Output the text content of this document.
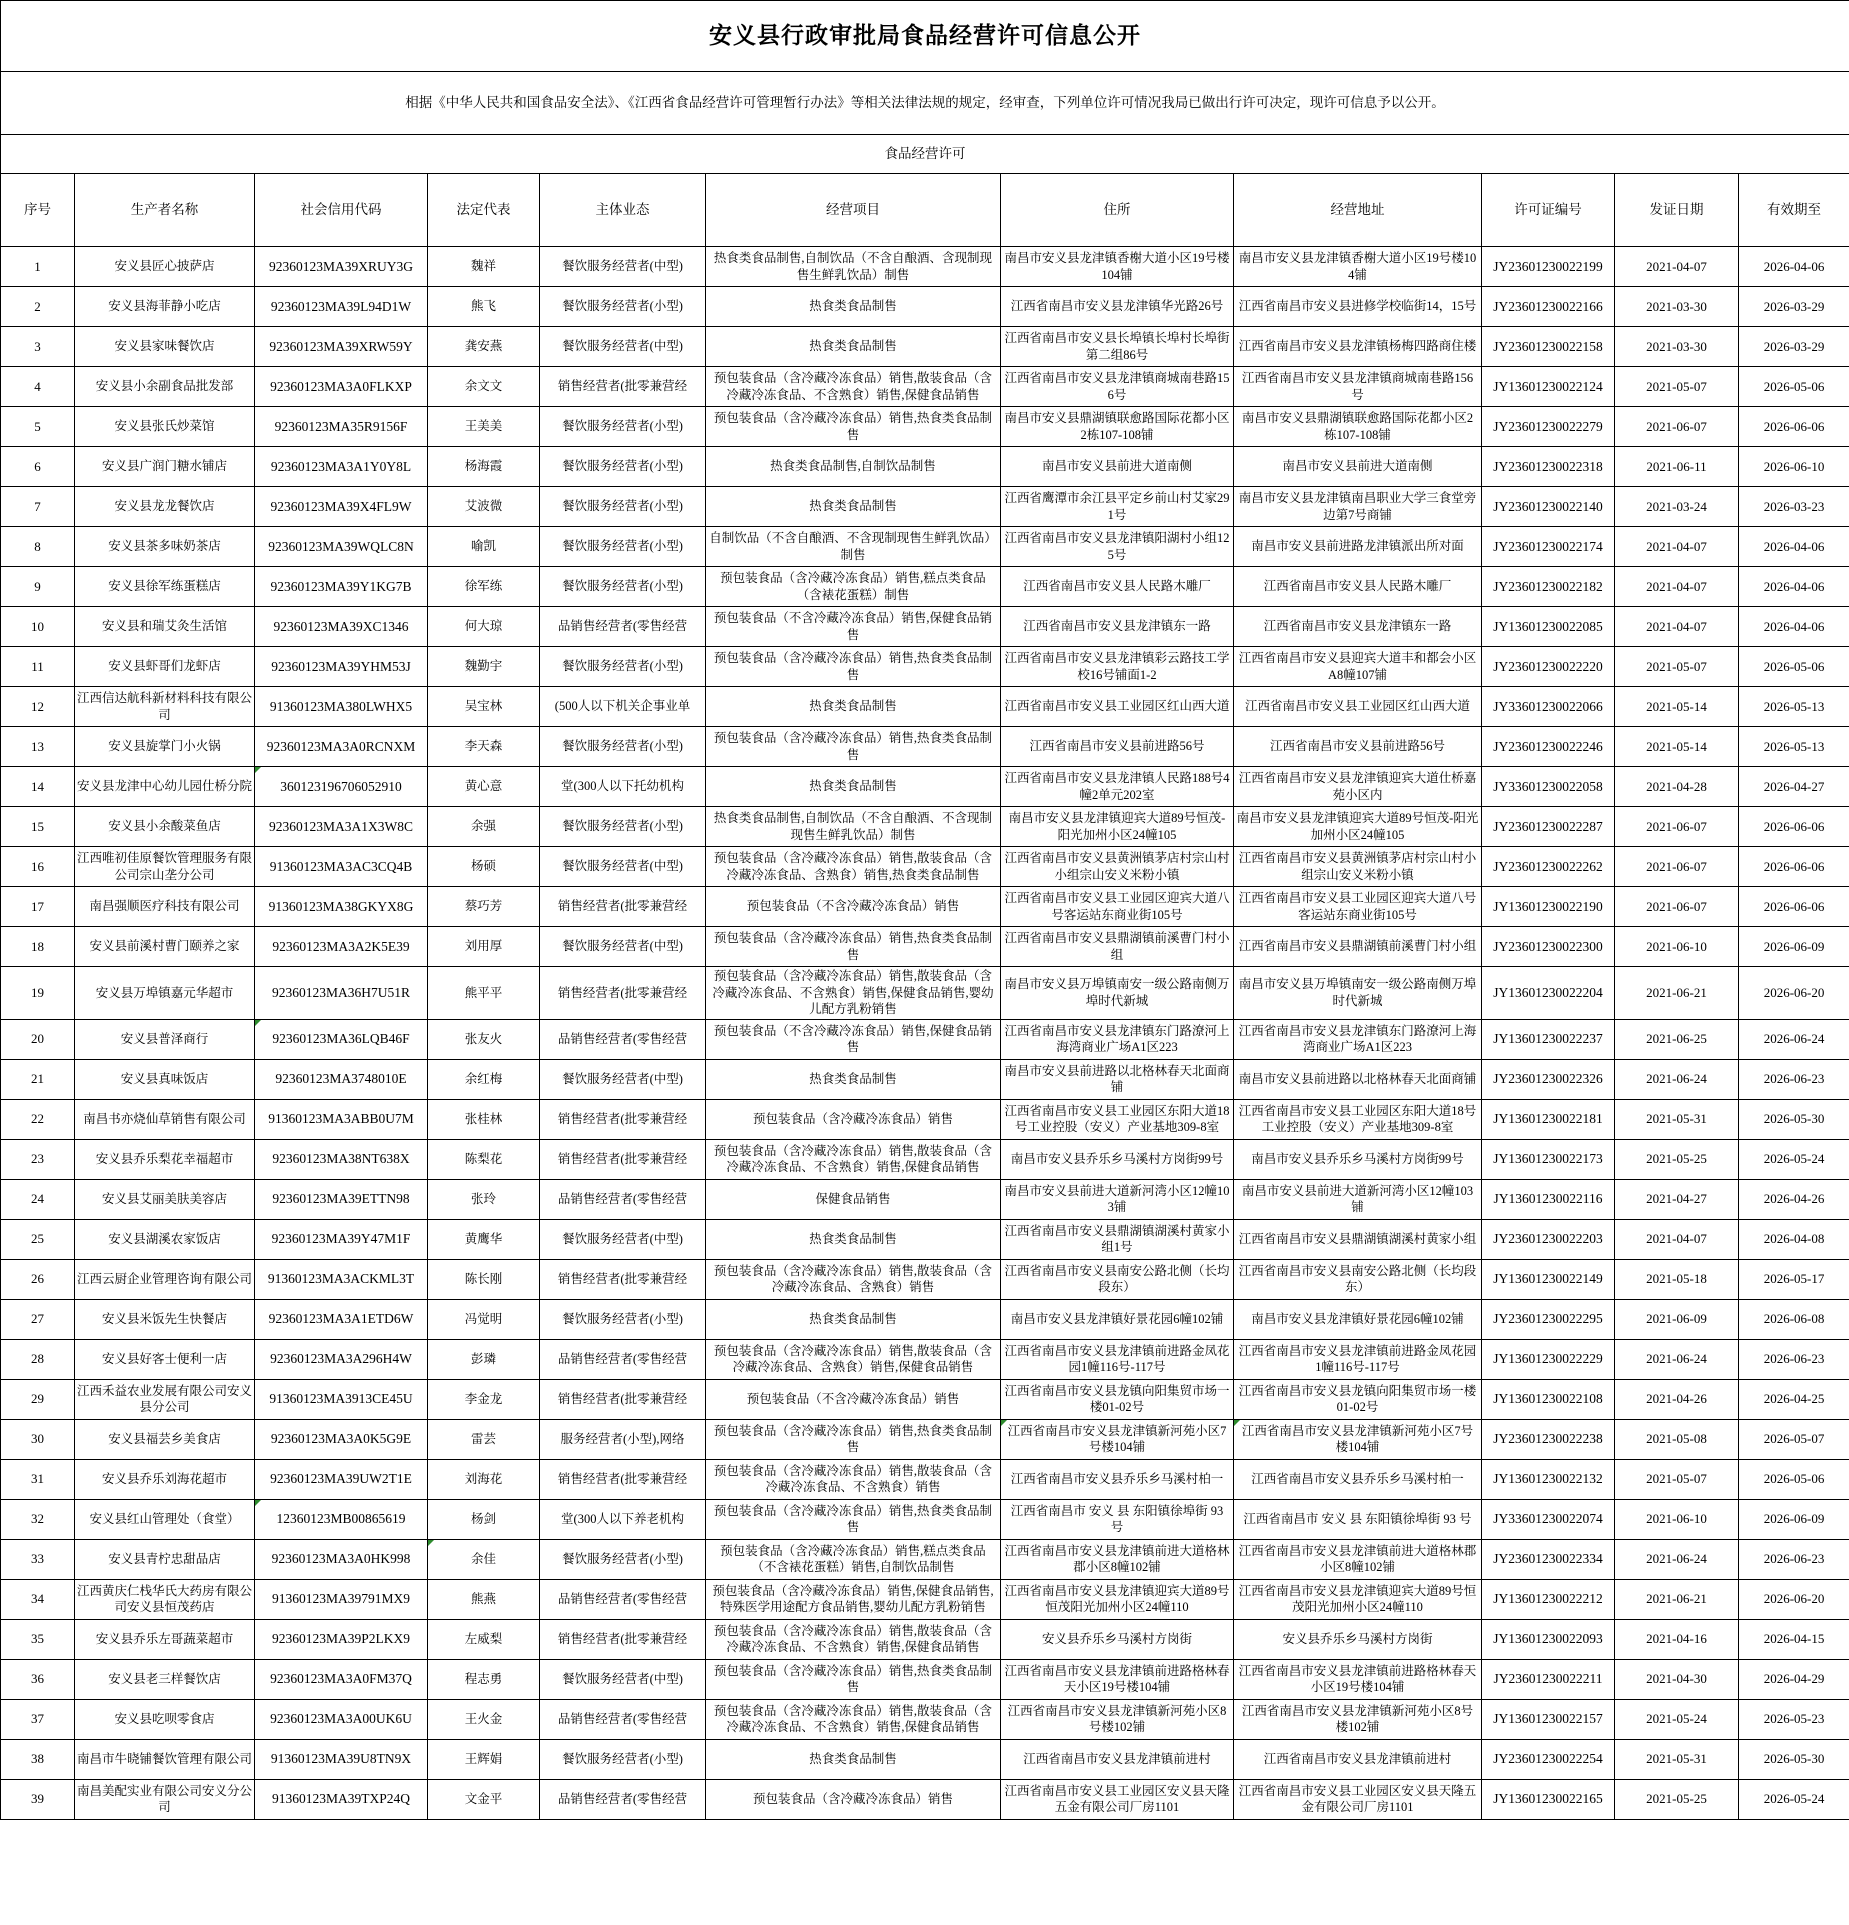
安义县行政审批局食品经营许可信息公开										
相据《中华人民共和国食品安全法》、《江西省食品经营许可管理暂行办法》等相关法律法规的规定，经审查，下列单位许可情况我局已做出行许可决定，现许可信息予以公开。										
食品经营许可										
序号	生产者名称	社会信用代码	法定代表	主体业态	经营项目	住所	经营地址	许可证编号	发证日期	有效期至
1	安义县匠心披萨店	92360123MA39XRUY3G	魏祥	餐饮服务经营者(中型)	热食类食品制售,自制饮品（不含自酿酒、含现制现售生鲜乳饮品）制售	南昌市安义县龙津镇香榭大道小区19号楼104铺	南昌市安义县龙津镇香榭大道小区19号楼104铺	JY23601230022199	2021-04-07	2026-04-06
2	安义县海菲静小吃店	92360123MA39L94D1W	熊飞	餐饮服务经营者(小型)	热食类食品制售	江西省南昌市安义县龙津镇华光路26号	江西省南昌市安义县进修学校临街14，15号	JY23601230022166	2021-03-30	2026-03-29
3	安义县家味餐饮店	92360123MA39XRW59Y	龚安燕	餐饮服务经营者(中型)	热食类食品制售	江西省南昌市安义县长埠镇长埠村长埠街第二组86号	江西省南昌市安义县龙津镇杨梅四路商住楼	JY23601230022158	2021-03-30	2026-03-29
4	安义县小余副食品批发部	92360123MA3A0FLKXP	余文文	销售经营者(批零兼营经	预包装食品（含冷藏冷冻食品）销售,散装食品（含冷藏冷冻食品、不含熟食）销售,保健食品销售	江西省南昌市安义县龙津镇商城南巷路156号	江西省南昌市安义县龙津镇商城南巷路156号	JY13601230022124	2021-05-07	2026-05-06
5	安义县张氏炒菜馆	92360123MA35R9156F	王美美	餐饮服务经营者(小型)	预包装食品（含冷藏冷冻食品）销售,热食类食品制售	南昌市安义县鼎湖镇联愈路国际花都小区2栋107-108铺	南昌市安义县鼎湖镇联愈路国际花都小区2栋107-108铺	JY23601230022279	2021-06-07	2026-06-06
6	安义县广润门糖水铺店	92360123MA3A1Y0Y8L	杨海霞	餐饮服务经营者(小型)	热食类食品制售,自制饮品制售	南昌市安义县前进大道南侧	南昌市安义县前进大道南侧	JY23601230022318	2021-06-11	2026-06-10
7	安义县龙龙餐饮店	92360123MA39X4FL9W	艾波微	餐饮服务经营者(小型)	热食类食品制售	江西省鹰潭市余江县平定乡前山村艾家291号	南昌市安义县龙津镇南昌职业大学三食堂旁边第7号商铺	JY23601230022140	2021-03-24	2026-03-23
8	安义县茶多味奶茶店	92360123MA39WQLC8N	喻凯	餐饮服务经营者(小型)	自制饮品（不含自酿酒、不含现制现售生鲜乳饮品）制售	江西省南昌市安义县龙津镇阳湖村小组125号	南昌市安义县前进路龙津镇派出所对面	JY23601230022174	2021-04-07	2026-04-06
9	安义县徐军练蛋糕店	92360123MA39Y1KG7B	徐军练	餐饮服务经营者(小型)	预包装食品（含冷藏冷冻食品）销售,糕点类食品（含裱花蛋糕）制售	江西省南昌市安义县人民路木雕厂	江西省南昌市安义县人民路木雕厂	JY23601230022182	2021-04-07	2026-04-06
10	安义县和瑞艾灸生活馆	92360123MA39XC1346	何大琼	品销售经营者(零售经营	预包装食品（不含冷藏冷冻食品）销售,保健食品销售	江西省南昌市安义县龙津镇东一路	江西省南昌市安义县龙津镇东一路	JY13601230022085	2021-04-07	2026-04-06
11	安义县虾哥们龙虾店	92360123MA39YHM53J	魏勤宇	餐饮服务经营者(小型)	预包装食品（含冷藏冷冻食品）销售,热食类食品制售	江西省南昌市安义县龙津镇彩云路技工学校16号铺面1-2	江西省南昌市安义县迎宾大道丰和都会小区A8幢107铺	JY23601230022220	2021-05-07	2026-05-06
12	江西信达航科新材料科技有限公司	91360123MA380LWHX5	吴宝林	(500人以下机关企事业单	热食类食品制售	江西省南昌市安义县工业园区红山西大道	江西省南昌市安义县工业园区红山西大道	JY33601230022066	2021-05-14	2026-05-13
13	安义县旋掌门小火锅	92360123MA3A0RCNXM	李天森	餐饮服务经营者(小型)	预包装食品（含冷藏冷冻食品）销售,热食类食品制售	江西省南昌市安义县前进路56号	江西省南昌市安义县前进路56号	JY23601230022246	2021-05-14	2026-05-13
14	安义县龙津中心幼儿园仕桥分院	360123196706052910	黄心意	堂(300人以下托幼机构	热食类食品制售	江西省南昌市安义县龙津镇人民路188号4幢2单元202室	江西省南昌市安义县龙津镇迎宾大道仕桥嘉苑小区内	JY33601230022058	2021-04-28	2026-04-27
15	安义县小余酸菜鱼店	92360123MA3A1X3W8C	余强	餐饮服务经营者(小型)	热食类食品制售,自制饮品（不含自酿酒、不含现制现售生鲜乳饮品）制售	南昌市安义县龙津镇迎宾大道89号恒茂-阳光加州小区24幢105	南昌市安义县龙津镇迎宾大道89号恒茂-阳光加州小区24幢105	JY23601230022287	2021-06-07	2026-06-06
16	江西唯初佳原餐饮管理服务有限公司宗山垄分公司	91360123MA3AC3CQ4B	杨硕	餐饮服务经营者(中型)	预包装食品（含冷藏冷冻食品）销售,散装食品（含冷藏冷冻食品、含熟食）销售,热食类食品制售	江西省南昌市安义县黄洲镇茅店村宗山村小组宗山安义米粉小镇	江西省南昌市安义县黄洲镇茅店村宗山村小组宗山安义米粉小镇	JY23601230022262	2021-06-07	2026-06-06
17	南昌强顺医疗科技有限公司	91360123MA38GKYX8G	蔡巧芳	销售经营者(批零兼营经	预包装食品（不含冷藏冷冻食品）销售	江西省南昌市安义县工业园区迎宾大道八号客运站东商业街105号	江西省南昌市安义县工业园区迎宾大道八号客运站东商业街105号	JY13601230022190	2021-06-07	2026-06-06
18	安义县前溪村曹门颐养之家	92360123MA3A2K5E39	刘用厚	餐饮服务经营者(中型)	预包装食品（含冷藏冷冻食品）销售,热食类食品制售	江西省南昌市安义县鼎湖镇前溪曹门村小组	江西省南昌市安义县鼎湖镇前溪曹门村小组	JY23601230022300	2021-06-10	2026-06-09
19	安义县万埠镇嘉元华超市	92360123MA36H7U51R	熊平平	销售经营者(批零兼营经	预包装食品（含冷藏冷冻食品）销售,散装食品（含冷藏冷冻食品、不含熟食）销售,保健食品销售,婴幼儿配方乳粉销售	南昌市安义县万埠镇南安一级公路南侧万埠时代新城	南昌市安义县万埠镇南安一级公路南侧万埠时代新城	JY13601230022204	2021-06-21	2026-06-20
20	安义县普泽商行	92360123MA36LQB46F	张友火	品销售经营者(零售经营	预包装食品（不含冷藏冷冻食品）销售,保健食品销售	江西省南昌市安义县龙津镇东门路潦河上海湾商业广场A1区223	江西省南昌市安义县龙津镇东门路潦河上海湾商业广场A1区223	JY13601230022237	2021-06-25	2026-06-24
21	安义县真味饭店	92360123MA3748010E	余红梅	餐饮服务经营者(中型)	热食类食品制售	南昌市安义县前进路以北格林春天北面商铺	南昌市安义县前进路以北格林春天北面商铺	JY23601230022326	2021-06-24	2026-06-23
22	南昌书亦烧仙草销售有限公司	91360123MA3ABB0U7M	张桂林	销售经营者(批零兼营经	预包装食品（含冷藏冷冻食品）销售	江西省南昌市安义县工业园区东阳大道18号工业控股（安义）产业基地309-8室	江西省南昌市安义县工业园区东阳大道18号工业控股（安义）产业基地309-8室	JY13601230022181	2021-05-31	2026-05-30
23	安义县乔乐梨花幸福超市	92360123MA38NT638X	陈梨花	销售经营者(批零兼营经	预包装食品（含冷藏冷冻食品）销售,散装食品（含冷藏冷冻食品、不含熟食）销售,保健食品销售	南昌市安义县乔乐乡马溪村方岗街99号	南昌市安义县乔乐乡马溪村方岗街99号	JY13601230022173	2021-05-25	2026-05-24
24	安义县艾丽美肤美容店	92360123MA39ETTN98	张玲	品销售经营者(零售经营	保健食品销售	南昌市安义县前进大道新河湾小区12幢103铺	南昌市安义县前进大道新河湾小区12幢103铺	JY13601230022116	2021-04-27	2026-04-26
25	安义县湖溪农家饭店	92360123MA39Y47M1F	黄鹰华	餐饮服务经营者(中型)	热食类食品制售	江西省南昌市安义县鼎湖镇湖溪村黄家小组1号	江西省南昌市安义县鼎湖镇湖溪村黄家小组	JY23601230022203	2021-04-07	2026-04-08
26	江西云厨企业管理咨询有限公司	91360123MA3ACKML3T	陈长刚	销售经营者(批零兼营经	预包装食品（含冷藏冷冻食品）销售,散装食品（含冷藏冷冻食品、含熟食）销售	江西省南昌市安义县南安公路北侧（长均段东）	江西省南昌市安义县南安公路北侧（长均段东）	JY13601230022149	2021-05-18	2026-05-17
27	安义县米饭先生快餐店	92360123MA3A1ETD6W	冯觉明	餐饮服务经营者(小型)	热食类食品制售	南昌市安义县龙津镇好景花园6幢102铺	南昌市安义县龙津镇好景花园6幢102铺	JY23601230022295	2021-06-09	2026-06-08
28	安义县好客士便利一店	92360123MA3A296H4W	彭璘	品销售经营者(零售经营	预包装食品（含冷藏冷冻食品）销售,散装食品（含冷藏冷冻食品、含熟食）销售,保健食品销售	江西省南昌市安义县龙津镇前进路金凤花园1幢116号-117号	江西省南昌市安义县龙津镇前进路金凤花园1幢116号-117号	JY13601230022229	2021-06-24	2026-06-23
29	江西禾益农业发展有限公司安义县分公司	91360123MA3913CE45U	李金龙	销售经营者(批零兼营经	预包装食品（不含冷藏冷冻食品）销售	江西省南昌市安义县龙镇向阳集贸市场一楼01-02号	江西省南昌市安义县龙镇向阳集贸市场一楼01-02号	JY13601230022108	2021-04-26	2026-04-25
30	安义县福芸乡美食店	92360123MA3A0K5G9E	雷芸	服务经营者(小型),网络	预包装食品（含冷藏冷冻食品）销售,热食类食品制售	江西省南昌市安义县龙津镇新河苑小区7号楼104铺	江西省南昌市安义县龙津镇新河苑小区7号楼104铺	JY23601230022238	2021-05-08	2026-05-07
31	安义县乔乐刘海花超市	92360123MA39UW2T1E	刘海花	销售经营者(批零兼营经	预包装食品（含冷藏冷冻食品）销售,散装食品（含冷藏冷冻食品、不含熟食）销售	江西省南昌市安义县乔乐乡马溪村柏一	江西省南昌市安义县乔乐乡马溪村柏一	JY13601230022132	2021-05-07	2026-05-06
32	安义县红山管理处（食堂）	12360123MB00865619	杨剑	堂(300人以下养老机构	预包装食品（含冷藏冷冻食品）销售,热食类食品制售	江西省南昌市 安义 县 东阳镇徐埠街 93 号	江西省南昌市 安义 县 东阳镇徐埠街 93 号	JY33601230022074	2021-06-10	2026-06-09
33	安义县青柠忠甜品店	92360123MA3A0HK998	余佳	餐饮服务经营者(小型)	预包装食品（含冷藏冷冻食品）销售,糕点类食品（不含裱花蛋糕）销售,自制饮品制售	江西省南昌市安义县龙津镇前进大道格林郡小区8幢102铺	江西省南昌市安义县龙津镇前进大道格林郡小区8幢102铺	JY23601230022334	2021-06-24	2026-06-23
34	江西黄庆仁栈华氏大药房有限公司安义县恒茂药店	91360123MA39791MX9	熊燕	品销售经营者(零售经营	预包装食品（含冷藏冷冻食品）销售,保健食品销售,特殊医学用途配方食品销售,婴幼儿配方乳粉销售	江西省南昌市安义县龙津镇迎宾大道89号恒茂阳光加州小区24幢110	江西省南昌市安义县龙津镇迎宾大道89号恒茂阳光加州小区24幢110	JY13601230022212	2021-06-21	2026-06-20
35	安义县乔乐左哥蔬菜超市	92360123MA39P2LKX9	左威梨	销售经营者(批零兼营经	预包装食品（含冷藏冷冻食品）销售,散装食品（含冷藏冷冻食品、不含熟食）销售,保健食品销售	安义县乔乐乡马溪村方岗街	安义县乔乐乡马溪村方岗街	JY13601230022093	2021-04-16	2026-04-15
36	安义县老三样餐饮店	92360123MA3A0FM37Q	程志勇	餐饮服务经营者(中型)	预包装食品（含冷藏冷冻食品）销售,热食类食品制售	江西省南昌市安义县龙津镇前进路格林春天小区19号楼104铺	江西省南昌市安义县龙津镇前进路格林春天小区19号楼104铺	JY23601230022211	2021-04-30	2026-04-29
37	安义县吃呗零食店	92360123MA3A00UK6U	王火金	品销售经营者(零售经营	预包装食品（含冷藏冷冻食品）销售,散装食品（含冷藏冷冻食品、不含熟食）销售,保健食品销售	江西省南昌市安义县龙津镇新河苑小区8号楼102铺	江西省南昌市安义县龙津镇新河苑小区8号楼102铺	JY13601230022157	2021-05-24	2026-05-23
38	南昌市牛晓铺餐饮管理有限公司	91360123MA39U8TN9X	王辉娟	餐饮服务经营者(小型)	热食类食品制售	江西省南昌市安义县龙津镇前进村	江西省南昌市安义县龙津镇前进村	JY23601230022254	2021-05-31	2026-05-30
39	南昌美配实业有限公司安义分公司	91360123MA39TXP24Q	文金平	品销售经营者(零售经营	预包装食品（含冷藏冷冻食品）销售	江西省南昌市安义县工业园区安义县天隆五金有限公司厂房1101	江西省南昌市安义县工业园区安义县天隆五金有限公司厂房1101	JY13601230022165	2021-05-25	2026-05-24
